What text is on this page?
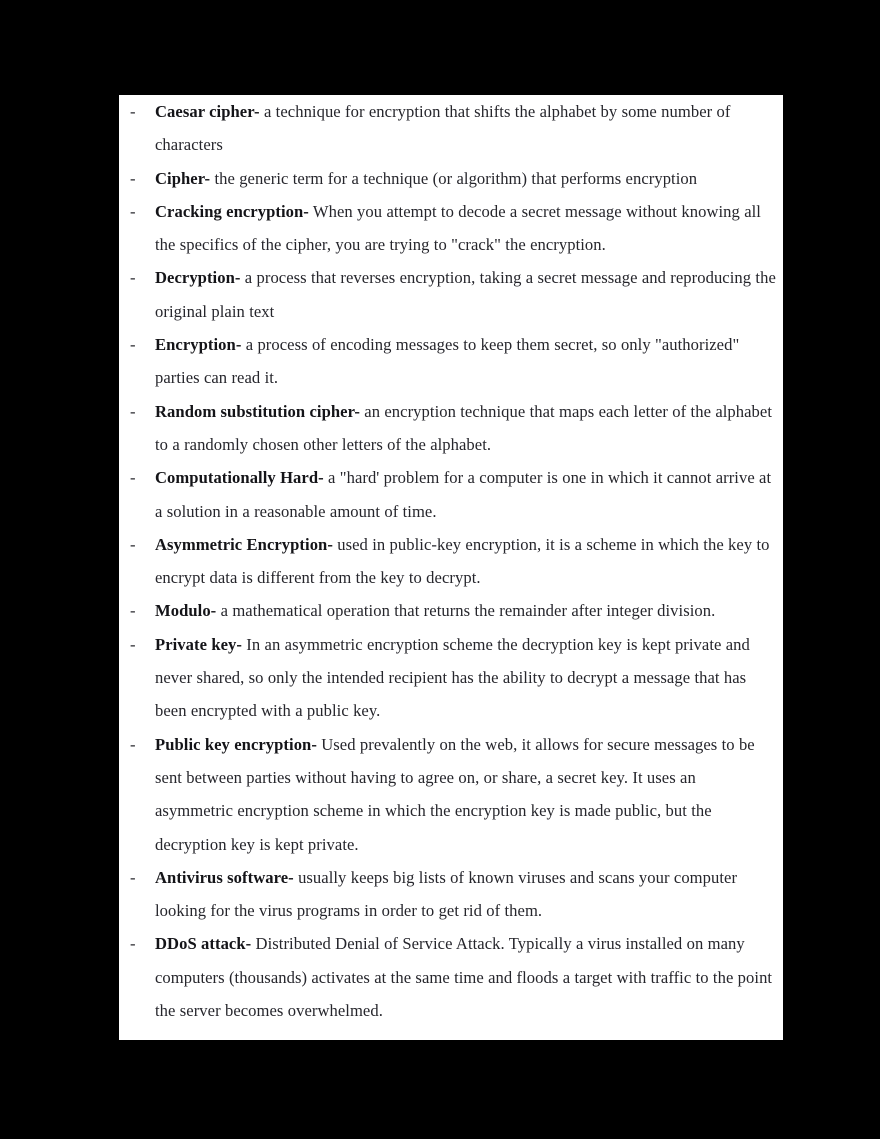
-	Caesar cipher- a technique for encryption that shifts the alphabet by some number of characters
-	Cipher- the generic term for a technique (or algorithm) that performs encryption
-	Cracking encryption- When you attempt to decode a secret message without knowing all the specifics of the cipher, you are trying to "crack" the encryption.
-	Decryption- a process that reverses encryption, taking a secret message and reproducing the original plain text
-	Encryption- a process of encoding messages to keep them secret, so only "authorized" parties can read it.
-	Random substitution cipher- an encryption technique that maps each letter of the alphabet to a randomly chosen other letters of the alphabet.
-	Computationally Hard- a "hard' problem for a computer is one in which it cannot arrive at a solution in a reasonable amount of time.
-	Asymmetric Encryption- used in public-key encryption, it is a scheme in which the key to encrypt data is different from the key to decrypt.
-	Modulo- a mathematical operation that returns the remainder after integer division.
-	Private key- In an asymmetric encryption scheme the decryption key is kept private and never shared, so only the intended recipient has the ability to decrypt a message that has been encrypted with a public key.
-	Public key encryption- Used prevalently on the web, it allows for secure messages to be sent between parties without having to agree on, or share, a secret key. It uses an asymmetric encryption scheme in which the encryption key is made public, but the decryption key is kept private.
-	Antivirus software- usually keeps big lists of known viruses and scans your computer looking for the virus programs in order to get rid of them.
-	DDoS attack- Distributed Denial of Service Attack. Typically a virus installed on many computers (thousands) activates at the same time and floods a target with traffic to the point the server becomes overwhelmed.
